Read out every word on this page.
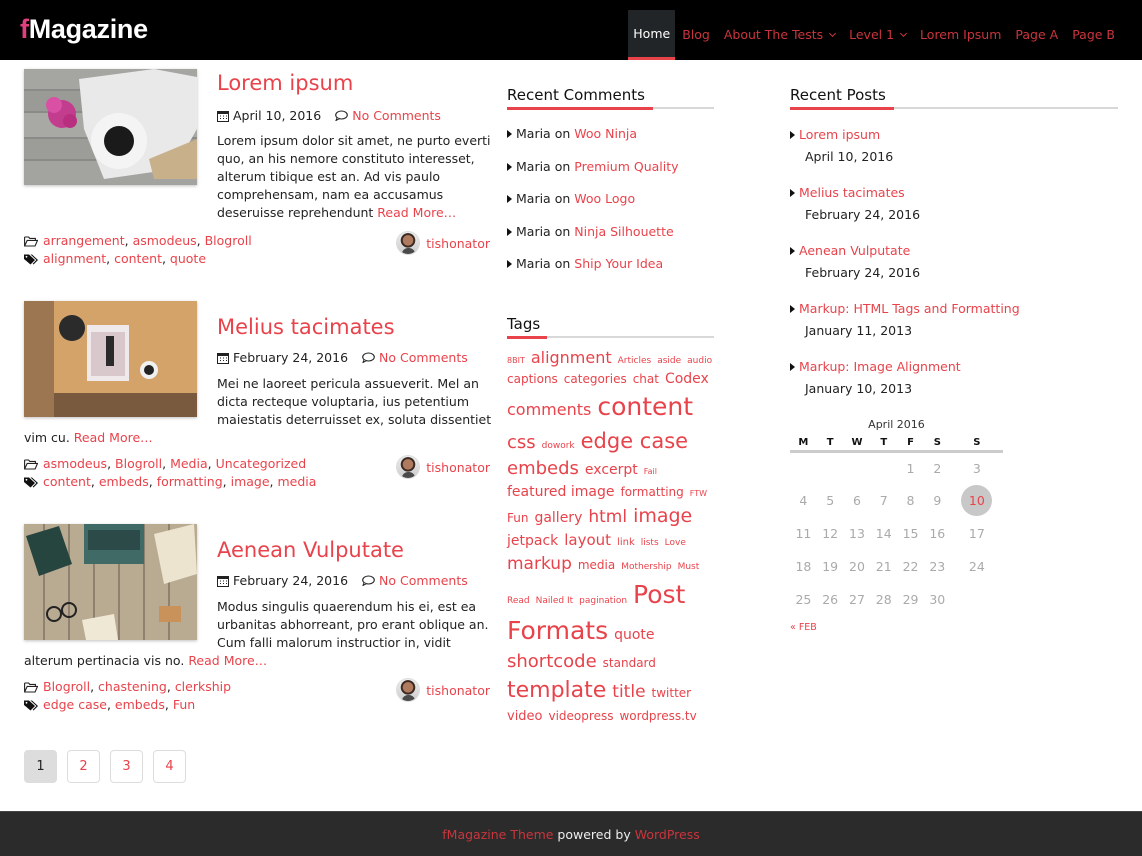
fMagazine	Home Blog About The Tests Level 1 Lorem Ipsum Page A Page B
Lorem ipsum
April 10, 2016 No Comments
Lorem ipsum dolor sit amet, ne purto everti quo, an his nemore constituto interesset, alterum tibique est an. Ad vis paulo comprehensam, nam ea accusamus deseruisse reprehendunt Read More…
arrangement, asmodeus, Blogroll
alignment, content, quote
tishonator
Melius tacimates
February 24, 2016 No Comments
Mei ne laoreet pericula assueverit. Mel an dicta recteque voluptaria, ius petentium maiestatis deterruisset ex, soluta dissentiet vim cu. Read More…
asmodeus, Blogroll, Media, Uncategorized
content, embeds, formatting, image, media
tishonator
Aenean Vulputate
February 24, 2016 No Comments
Modus singulis quaerendum his ei, est ea urbanitas abhorreant, pro erant oblique an. Cum falli malorum instructior in, vidit alterum pertinacia vis no. Read More…
Blogroll, chastening, clerkship
edge case, embeds, Fun
tishonator
1	2	3	4
Recent Comments
Maria on Woo Ninja
Maria on Premium Quality
Maria on Woo Logo
Maria on Ninja Silhouette
Maria on Ship Your Idea
Tags
8BIT alignment Articles aside audio captions categories chat Codex comments content css dowork edge case embeds excerpt Fail featured image formatting FTW Fun gallery html image jetpack layout link lists Love markup media Mothership Must Read Nailed It pagination Post Formats quote shortcode standard template title twitter video videopress wordpress.tv
Recent Posts
Lorem ipsum
April 10, 2016
Melius tacimates
February 24, 2016
Aenean Vulputate
February 24, 2016
Markup: HTML Tags and Formatting
January 11, 2013
Markup: Image Alignment
January 10, 2013
April 2016
M	T	W	T	F	S	S
				1	2	3
4	5	6	7	8	9	10
11	12	13	14	15	16	17
18	19	20	21	22	23	24
25	26	27	28	29	30	
« FEB
fMagazine Theme powered by WordPress
